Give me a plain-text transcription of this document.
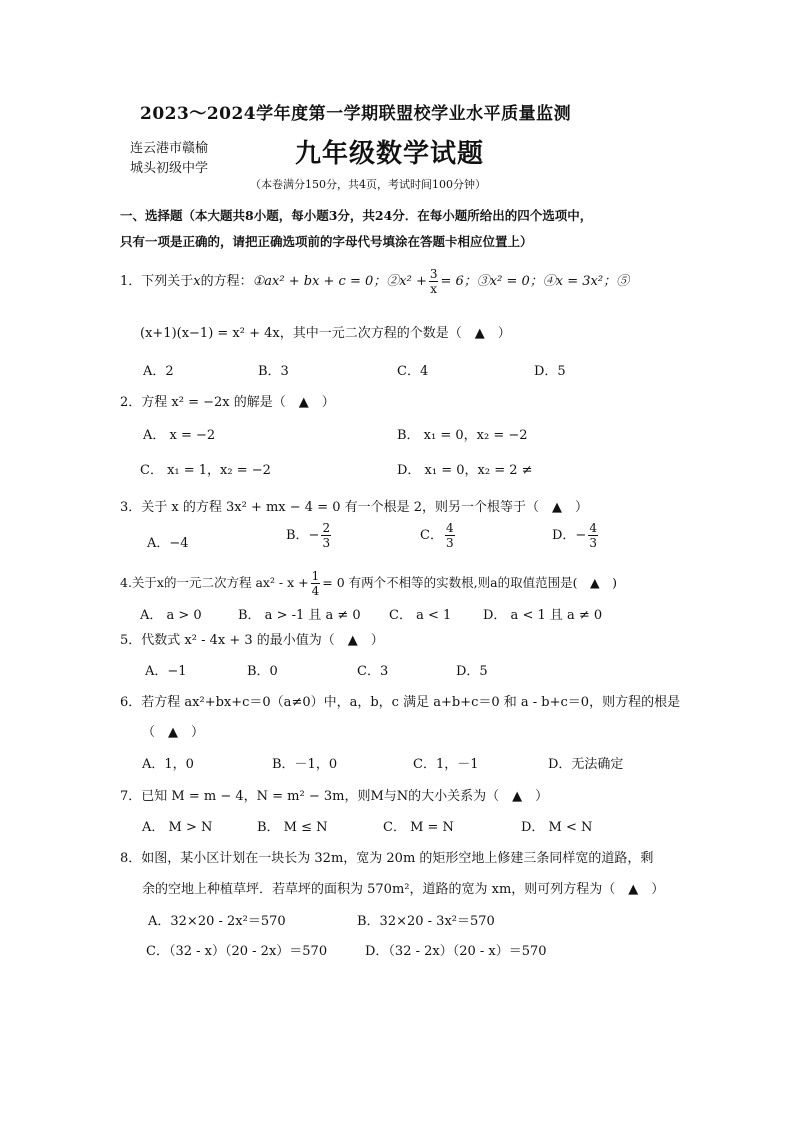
2023～2024学年度第一学期联盟校学业水平质量监测
连云港市赣榆
城头初级中学	九年级数学试题
（本卷满分150分，共4页，考试时间100分钟）
一、选择题（本大题共8小题，每小题3分，共24分．在每小题所给出的四个选项中，
只有一项是正确的，请把正确选项前的字母代号填涂在答题卡相应位置上）
1．下列关于x的方程：①ax² + bx + c = 0；②x² + $\frac{3}{x} = 6$；③x² = 0；④x = 3x²；⑤
(x+1)(x−1) = x² + 4x，其中一元二次方程的个数是（　▲　）
A．2	B．3	C．4	D．5
2．方程 x² = −2x 的解是（　▲　）
A． x = −2	B． x₁ = 0，x₂ = −2
C． x₁ = 1，x₂ = −2	D． x₁ = 0，x₂ = 2 ≠
3．关于 x 的方程 3x² + mx − 4 = 0 有一个根是 2，则另一个根等于（　▲　）
A．−4
B．− $\frac{2}{3}$	C． $\frac{4}{3}$	D．− $\frac{4}{3}$
4.关于x的一元二次方程 $ax^2 - x + \frac{1}{4} = 0$ 有两个不相等的实数根,则a的取值范围是(　▲　)
A． a > 0	B． a > -1 且 a ≠ 0 C． a < 1 D． a < 1 且 a ≠ 0
5．代数式 x² - 4x + 3 的最小值为（　▲　）
A．−1	B．0	C．3	D．5
6．若方程 ax²+bx+c＝0（a≠0）中，a，b，c 满足 a+b+c＝0 和 a - b+c＝0，则方程的根是
（　▲　）
A．1，0	B．－1，0	C．1，－1	D．无法确定
7．已知 M = m − 4，N = m² − 3m，则M与N的大小关系为（　▲　）
A． M > N	B． M ≤ N	C． M = N	D． M < N
8．如图，某小区计划在一块长为 32m，宽为 20m 的矩形空地上修建三条同样宽的道路，剩
余的空地上种植草坪．若草坪的面积为 570m²，道路的宽为 xm，则可列方程为（　▲　）
A．32×20 - 2x²＝570	B．32×20 - 3x²＝570
C．（32 - x）（20 - 2x）＝570	D．（32 - 2x）（20 - x）＝570
